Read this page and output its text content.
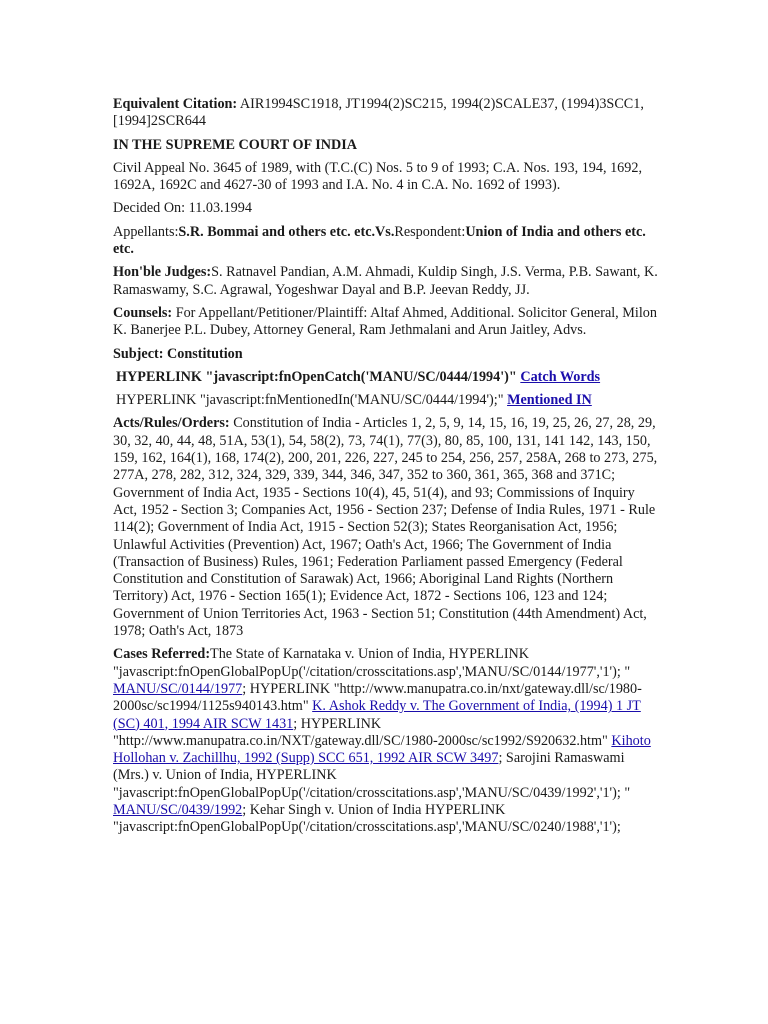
Equivalent Citation: AIR1994SC1918, JT1994(2)SC215, 1994(2)SCALE37, (1994)3SCC1, [1994]2SCR644

IN THE SUPREME COURT OF INDIA

Civil Appeal No. 3645 of 1989, with (T.C.(C) Nos. 5 to 9 of 1993; C.A. Nos. 193, 194, 1692, 1692A, 1692C and 4627-30 of 1993 and I.A. No. 4 in C.A. No. 1692 of 1993).

Decided On: 11.03.1994

Appellants:S.R. Bommai and others etc. etc.Vs.Respondent:Union of India and others etc. etc.

Hon'ble Judges:S. Ratnavel Pandian, A.M. Ahmadi, Kuldip Singh, J.S. Verma, P.B. Sawant, K. Ramaswamy, S.C. Agrawal, Yogeshwar Dayal and B.P. Jeevan Reddy, JJ.

Counsels: For Appellant/Petitioner/Plaintiff: Altaf Ahmed, Additional. Solicitor General, Milon K. Banerjee P.L. Dubey, Attorney General, Ram Jethmalani and Arun Jaitley, Advs.

Subject: Constitution

HYPERLINK "javascript:fnOpenCatch('MANU/SC/0444/1994')" Catch Words

HYPERLINK "javascript:fnMentionedIn('MANU/SC/0444/1994');" Mentioned IN

Acts/Rules/Orders: Constitution of India - Articles 1, 2, 5, 9, 14, 15, 16, 19, 25, 26, 27, 28, 29, 30, 32, 40, 44, 48, 51A, 53(1), 54, 58(2), 73, 74(1), 77(3), 80, 85, 100, 131, 141 142, 143, 150, 159, 162, 164(1), 168, 174(2), 200, 201, 226, 227, 245 to 254, 256, 257, 258A, 268 to 273, 275, 277A, 278, 282, 312, 324, 329, 339, 344, 346, 347, 352 to 360, 361, 365, 368 and 371C; Government of India Act, 1935 - Sections 10(4), 45, 51(4), and 93; Commissions of Inquiry Act, 1952 - Section 3; Companies Act, 1956 - Section 237; Defense of India Rules, 1971 - Rule 114(2); Government of India Act, 1915 - Section 52(3); States Reorganisation Act, 1956; Unlawful Activities (Prevention) Act, 1967; Oath's Act, 1966; The Government of India (Transaction of Business) Rules, 1961; Federation Parliament passed Emergency (Federal Constitution and Constitution of Sarawak) Act, 1966; Aboriginal Land Rights (Northern Territory) Act, 1976 - Section 165(1); Evidence Act, 1872 - Sections 106, 123 and 124; Government of Union Territories Act, 1963 - Section 51; Constitution (44th Amendment) Act, 1978; Oath's Act, 1873

Cases Referred:The State of Karnataka v. Union of India, HYPERLINK "javascript:fnOpenGlobalPopUp('/citation/crosscitations.asp','MANU/SC/0144/1977','1'); " MANU/SC/0144/1977; HYPERLINK "http://www.manupatra.co.in/nxt/gateway.dll/sc/1980-2000sc/sc1994/1125s940143.htm" K. Ashok Reddy v. The Government of India, (1994) 1 JT (SC) 401, 1994 AIR SCW 1431; HYPERLINK "http://www.manupatra.co.in/NXT/gateway.dll/SC/1980-2000sc/sc1992/S920632.htm" Kihoto Hollohan v. Zachillhu, 1992 (Supp) SCC 651, 1992 AIR SCW 3497; Sarojini Ramaswami (Mrs.) v. Union of India, HYPERLINK "javascript:fnOpenGlobalPopUp('/citation/crosscitations.asp','MANU/SC/0439/1992','1'); " MANU/SC/0439/1992; Kehar Singh v. Union of India HYPERLINK "javascript:fnOpenGlobalPopUp('/citation/crosscitations.asp','MANU/SC/0240/1988','1');
